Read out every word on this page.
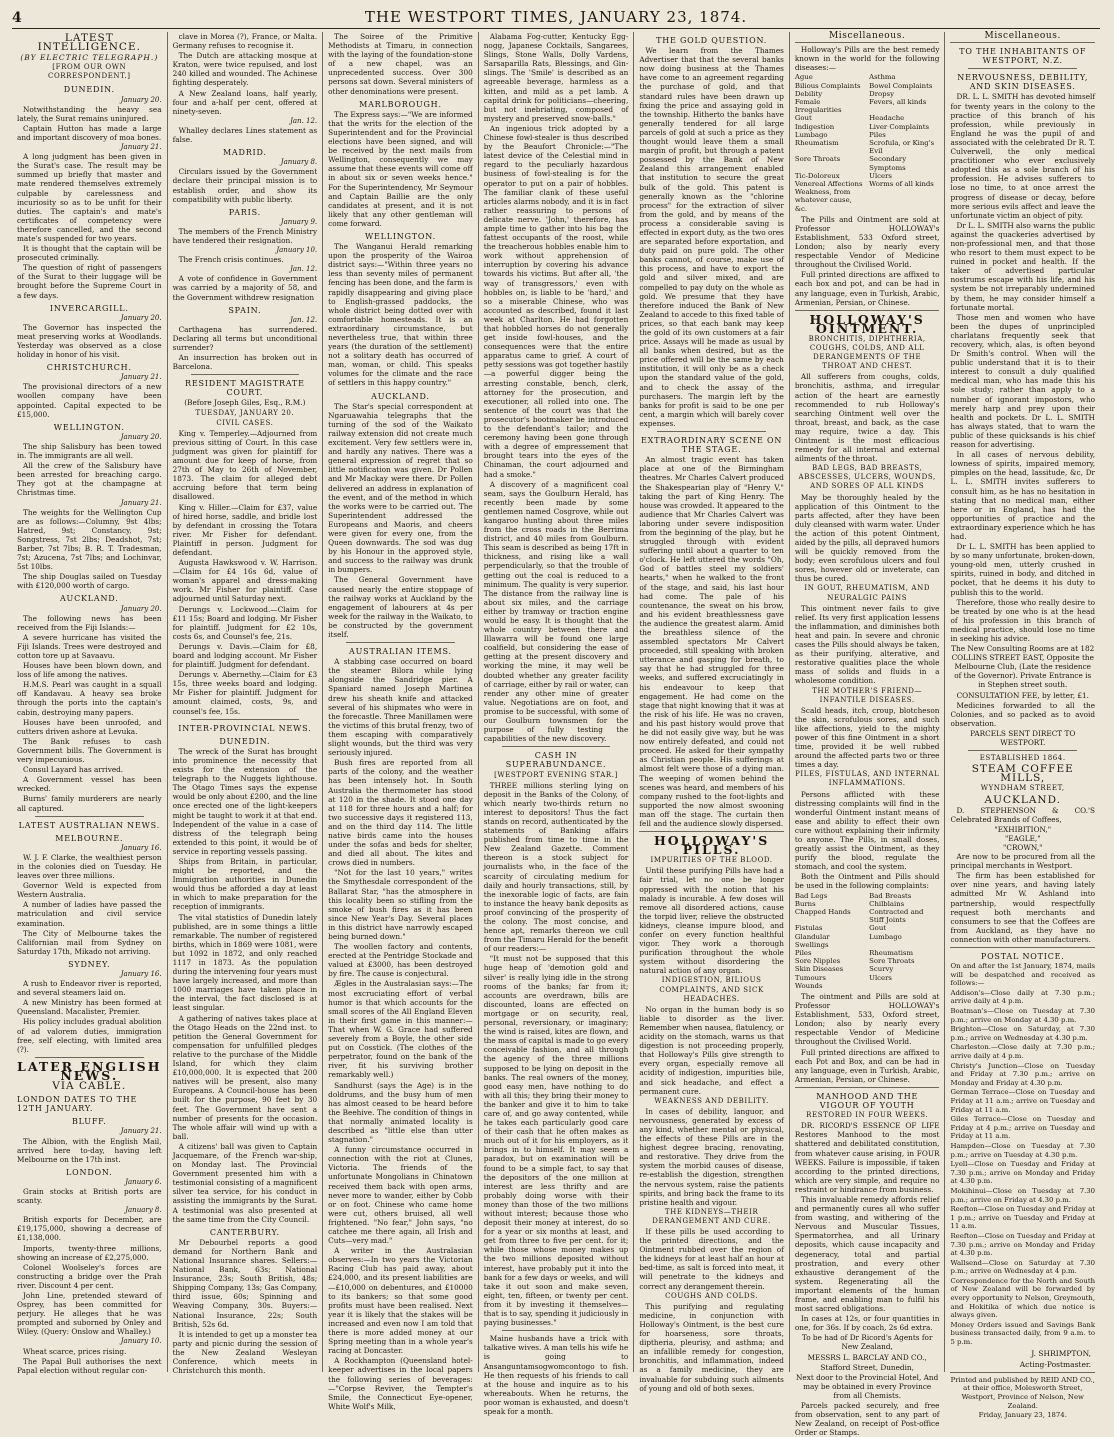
4	THE WESTPORT TIMES, JANUARY 23, 1874.
LATEST INTELLIGENCE.
(BY ELECTRIC TELEGRAPH.)
[FROM OUR OWN CORRESPONDENT.]
DUNEDIN.
January 20.

Notwithstanding the heavy sea lately, the Surat remains uninjured.

Captain Hutton has made a large and important discovery of moa bones.

January 21.

A long judgment has been given in the Surat's case. The result may be summed up briefly that master and mate rendered themselves extremely culpable by carelessness and incuriosity so as to be unfit for their duties. The captain's and mate's certificates of competency were therefore cancelled, and the second mate's suspended for two years.

It is thought that the captain will be prosecuted criminally.

The question of right of passengers of the Surat to their luggage will be brought before the Supreme Court in a few days.

INVERCARGILL.
January 20.

The Governor has inspected the meat preserving works at Woodlands. Yesterday was observed as a close holiday in honor of his visit.

CHRISTCHURCH.
January 21.

The provisional directors of a new woollen company have been appointed. Capital expected to be £15,000.

WELLINGTON.
January 20.

The ship Salisbury has been towed in. The immigrants are all well.

All the crew of the Salisbury have been arrested for breaching cargo. They got at the champagne at Christmas time.

January 21.

The weights for the Wellington Cup are as follows:—Columny, 9st 4lbs; Hatred, 9st; Constancy, 9st; Songstress, 7st 2lbs; Deadshot, 7st; Barber, 7st 7lbs; B. R. T. Tradesman, 7st; Azucena, 7st 7lbs; and Lochinvar, 5st 10lbs.

The ship Douglas sailed on Tuesday with £120,000 worth of cargo.

AUCKLAND.
January 20.

The following news has been received from the Fiji Islands:—

A severe hurricane has visited the Fiji Islands. Trees were destroyed and cotton tore up at Savaavu.

Houses have been blown down, and loss of life among the natives.

H.M.S. Pearl was caught in a squall off Kandavau. A heavy sea broke through the ports into the captain's cabin, destroying many papers.

Houses have been unroofed, and cutters driven ashore at Levuka.

The Bank refuses to cash Government bills. The Government is very impecunious.

Consul Layard has arrived.

A Government vessel has been wrecked.

Burns' family murderers are nearly all captured.

LATEST AUSTRALIAN NEWS.
MELBOURNE.
January 16.

W. J. F. Clarke, the wealthiest person in the colonies died on Tuesday. He leaves over three millions.

Governor Weld is expected from Western Australia.

A number of ladies have passed the matriculation and civil service examination.

The City of Melbourne takes the Californian mail from Sydney on Saturday 17th, Mikado not arriving.

SYDNEY.
January 16.

A rush to Endeavor river is reported, and several steamers laid on.

A new Ministry has been formed at Queensland. Macalister, Premier.

His policy includes gradual abolition of ad valorem duties, immigration free, self electing, with limited area (?).

LATER ENGLISH NEWS.
VIA CABLE.
LONDON DATES TO THE 12TH JANUARY.
BLUFF.
January 21.

The Albion, with the English Mail, arrived here to-day, having left Melbourne on the 17th inst.

LONDON.
January 6.

Grain stocks at British ports are scanty.

January 8.

British exports for December, are £19,175,000, showing a decrease of £1,138,000.

Imports, twenty-three millions, showing an increase of £2,275,000.

Colonel Woolseley's forces are constructing a bridge over the Prah river. Discount 4 per cent.

John Line, pretended steward of Osprey, has been committed for perjury. He alleges that he was prompted and suborned by Onley and Wiley. (Query: Onslow and Whalley.)

January 10.

Wheat scarce, prices rising.

The Papal Bull authorises the next Papal election without regular con-

clave in Morea (?), France, or Malta. Germany refuses to recognise it.

The Dutch are attacking mosque at Kraton, were twice repulsed, and lost 240 killed and wounded. The Achinese fighting desperately.

A New Zealand loans, half yearly, four and a-half per cent, offered at ninety-seven.

Jan. 12.

Whalley declares Lines statement as false.

MADRID.
January 8.

Circulars issued by the Government declare their principal mission is to establish order, and show its compatibility with public liberty.

PARIS.
January 9.

The members of the French Ministry have tendered their resignation.

January 10.

The French crisis continues.

Jan. 12.

A vote of confidence in Government was carried by a majority of 58, and the Government withdrew resignation

SPAIN.
Jan. 12.

Carthagena has surrendered. Declaring all terms but unconditional surrender?

An insurrection has broken out in Barcelona.

RESIDENT MAGISTRATE COURT.
(Before Joseph Giles, Esq., R.M.)
TUESDAY, JANUARY 20.
CIVIL CASES.

King v. Temperley.—Adjourned from previous sitting of Court. In this case judgment was given for plaintiff for amount due for keep of horse, from 27th of May to 26th of November, 1873. The claim for alleged debt accruing before that term being disallowed.

King v. Hiller.—Claim for £37, value of hired horse, saddle, and bridle lost by defendant in crossing the Totara river. Mr Fisher for defendant. Plaintiff in person. Judgment for defendant.

Augusta Hawkswood v. W. Harrison.—Claim for £4 16s 6d, value of woman's apparel and dress-making work. Mr Fisher for plaintiff. Case adjourned until Saturday next.

Derungs v. Lockwood.—Claim for £11 15s; Board and lodging. Mr Fisher for plaintiff. Judgment for £2 10s, costs 6s, and Counsel's fee, 21s.

Derungs v. Davis.—Claim for £8, board and lodging account. Mr Fisher for plaintiff. Judgment for defendant.

Derungs v. Abernethy.—Claim for £3 15s, three weeks board and lodging. Mr Fisher for plaintiff. Judgment for amount claimed, costs, 9s, and counsel's fee, 15s.

INTER-PROVINCIAL NEWS.
DUNEDIN.

The wreck of the Surat has brought into prominence the necessity that exists for the extension of the telegraph to the Nuggets lighthouse. The Otago Times says the expense would be only about £200, and the line once erected one of the light-keepers might be taught to work it at that end. Independent of the value in a case of distress of the telegraph being extended to this point, it would be of service in reporting vessels passing.

Ships from Britain, in particular, might be reported, and the Immigration authorities in Dunedin would thus be afforded a day at least in which to make preparation for the reception of immigrants.

The vital statistics of Dunedin lately published, are in some things a little remarkable. The number of registered births, which in 1869 were 1081, were but 1092 in 1872, and only reached 1117 in 1873. As the population during the intervening four years must have largely increased, and more than 1000 marriages have taken place in the interval, the fact disclosed is at least singular.

A gathering of natives takes place at the Otago Heads on the 22nd inst. to petition the General Government for compensation for unfulfilled pledges relative to the purchase of the Middle Island, for which they claim £10,000,000. It is expected that 200 natives will be present, also many Europeans. A Council-house has been built for the purpose, 90 feet by 30 feet. The Government have sent a number of presents for the occasion. The whole affair will wind up with a ball.

A citizens' ball was given to Captain Jacquemare, of the French war-ship, on Monday last. The Provincial Government presented him with a testimonial consisting of a magnificent silver tea service, for his conduct in assisting the immigrants by the Surat. A testimonial was also presented at the same time from the City Council.

CANTERBURY.

Mr Debourbel reports a good demand for Northern Bank and National Insurance shares. Sellers:—National Bank, 63s; National Insurance, 23s; South British, 48s; Shipping Company, 13s; Gas Company, third issue, 60s; Spinning and Weaving Company, 30s. Buyers:—National Insurance, 22s; South British, 52s 6d.

It is intended to get up a monster tea party and picnic during the session of the New Zealand Wesleyan Conference, which meets in Christchurch this month.

The Soiree of the Primitive Methodists at Timaru, in connection with the laying of the foundation-stone of a new chapel, was an unprecedented success. Over 300 persons sat down. Several ministers of other denominations were present.

MARLBOROUGH.

The Express says:—"We are informed that the writs for the election of the Superintendent and for the Provincial elections have been signed, and will be received by the next mails from Wellington, consequently we may assume that these events will come off in about six or seven weeks hence." For the Superintendency, Mr Seymour and Captain Baillie are the only candidates at present, and it is not likely that any other gentleman will come forward.

WELLINGTON.

The Wanganui Herald remarking upon the prosperity of the Wairoa district says:—"Within three years no less than seventy miles of permanent fencing has been done, and the farm is rapidly disappearing and giving place to English-grassed paddocks, the whole district being dotted over with comfortable homesteads. It is an extraordinary circumstance, but nevertheless true, that within three years (the duration of the settlement) not a solitary death has occurred of man, woman, or child. This speaks volumes for the climate and the race of settlers in this happy country."

AUCKLAND.

The Star's special correspondent at Ngaruawahia telegraphs that the turning of the sod of the Waikato railway extension did not create much excitement. Very few settlers were in, and hardly any natives. There was a general expression of regret that so little notification was given. Dr Pollen and Mr Mackay were there. Dr Pollen delivered an address in explanation of the event, and of the method in which the works were to be carried out. The Superintendent addressed the Europeans and Maoris, and cheers were given for every one, from the Queen downwards. The sod was dug by his Honour in the approved style, and success to the railway was drunk in bumpers.

The General Government have caused nearly the entire stoppage of the railway works at Auckland by the engagement of labourers at 4s per week for the railway in the Waikato, to be constructed by the government itself.

AUSTRALIAN ITEMS.

A stabbing case occurred on board the steamer Bilora while lying alongside the Sandridge pier. A Spaniard named Joseph Martinea drew his sheath knife and attacked several of his shipmates who were in the forecastle. Three Manillamen were the victims of this brutal frenzy, two of them escaping with comparatively slight wounds, but the third was very seriously injured.

Bush fires are reported from all parts of the colony, and the weather has been intensely hot. In South Australia the thermometer has stood at 120 in the shade. It stood one day at 118 for three hours and a half; for two successive days it registered 113, and on the third day 114. The little native birds came into the houses under the sofas and beds for shelter, and died all about. The kites and crows died in numbers.

"Not for the last 10 years," writes the Smythesdale correspondent of the Ballarat Star, "has the atmosphere in this locality been so stifling from the smoke of bush fires as it has been since New Year's Day. Several places in this district have narrowly escaped being burned down."

The woollen factory and contents, erected at the Pentridge Stockade and valued at £3000, has been destroyed by fire. The cause is conjectural.

Ægles in the Australasian says:—The most excruciating effort of verbal humor is that which accounts for the small scores of the All England Eleven in their first game in this manner:—That when W. G. Grace had suffered severely from a Boyle, the other side put on Cosstick. (The clothes of the perpetrator, found on the bank of the river, fit his surviving brother remarkably well.)

Sandhurst (says the Age) is in the doldrums, and the busy hum of men has almost ceased to be heard before the Beehive. The condition of things in that normally animated locality is described as "little else than utter stagnation."

A funny circumstance occurred in connection with the riot at Clunes, Victoria. The friends of the unfortunate Mongolians in Chinatown received them back with open arms, never more to wander, either by Cobb or on foot. Chinese who came home were cut, others bruised, all well frightened. "No fear," John says, "no catchee me there again, all Irish and Cuts—very mad."

A writer in the Australasian observes:—In two years the Victorian Racing Club has paid away, about £24,000, and its present liabilities are—£10,000 on debentures, and £10000 to its bankers; so that some good profits must have been realised. Next year it is likely that the stakes will be increased and even now I am told that there is more added money at our Spring meeting than in a whole year's racing at Doncaster.

A Rockhampton (Queensland hotel-keeper advertises in the local papers the following series of beverages:—"Corpse Reviver, the Tempter's Smile, the Connecticut Eye-opener, White Wolf's Milk,

Alabama Fog-cutter, Kentucky Egg-nogg, Japanese Cocktails, Sangarees, Slings, Stone Walls, Dolly Vardens, Sarsaparilla Rats, Blessings, and Gin-slings. The 'Smile' is described as an agreeable beverage, harmless as a kitten, and mild as a pet lamb. A capital drink for politicians—cheering, but not inebriating, composed of mystery and preserved snow-balls."

An ingenious trick adopted by a Chinese fowl-stealer is thus described by the Beaufort Chronicle:—"The latest device of the Celestial mind in regard to the peculiarly hazardous business of fowl-stealing is for the operator to put on a pair of hobbles. The familiar clank of these useful articles alarms nobody, and it is in fact rather reassuring to persons of delicate nerve. 'John,' therefore, has ample time to gather into his bag the fattest occupants of the roost, while the treacherous hobbles enable him to work without apprehension of interruption by covering his advance towards his victims. But after all, 'the way of transgressors,' even with hobbles on, is liable to be 'hard,' and so a miserable Chinese, who was accounted as described, found it last week at Charlton. He had forgotten that hobbled horses do not generally get inside fowl-houses, and the consequences were that the entire apparatus came to grief. A court of petty sessions was got together hastily—a powerful digger being the arresting constable, bench, clerk, attorney for the prosecution, and executioner, all rolled into one. The sentence of the court was that the prosecutor's bootmaker be introduced to the defendant's tailor; and the ceremony having been gone through with a degree of empressement that brought tears into the eyes of the Chinaman, the court adjourned and had a smoke."

A discovery of a magnificent coal seam, says the Goulburn Herald, has recently been made by some gentlemen named Cosgrove, while out kangaroo hunting about three miles from the cross roads in the Berrima district, and 40 miles from Goulburn. This seam is described as being 17ft in thickness, and rising like a wall perpendicularly, so that the trouble of getting out the coal is reduced to a minimum. The quality is very superior. The distance from the railway line is about six miles, and the carriage either by tramway or traction engine would be easy. It is thought that the whole country between there and Illawarra will be found one large coalfield, but considering the ease of getting at the present discovery and working the mine, it may well be doubted whether any greater facility of carriage, either by rail or water, can render any other mine of greater value. Negotiations are on foot, and promise to be successful, with some of our Goulburn townsmen for the purpose of fully testing the capabilities of the new discovery.

CASH IN SUPERABUNDANCE.
[WESTPORT EVENING STAR.]

THREE millions sterling lying on deposit in the Banks of the Colony, of which nearly two-thirds return no interest to depositors! Thus the fact stands on record, authenticated by the statements of Banking affairs published from time to time in the New Zealand Gazette. Comment thereon is a stock subject for journalists who, in the face of the scarcity of circulating medium for daily and hourly transactions, still, by the inexorable logic of facts, are fain to instance the heavy bank deposits as proof convincing of the prosperity of the colony. The most concise, and hence apt, remarks thereon we cull from the Timaru Herald for the benefit of our readers:—

"It must not be supposed that this huge heap of 'demotion gold and silver' is really lying idle in the strong rooms of the banks; far from it; accounts are overdrawn, bills are discounted, loans are effected on mortgage or on security, real, personal, reversionary, or imaginary; the wind is raised, kites are flown, and the mass of capital is made to go every conceivable fashion, and all through the agency of the three millions supposed to be lying on deposit in the banks. The real owners of the money, good easy men, have nothing to do with all this; they bring their money to the banker and give it to him to take care of, and go away contented, while he takes each particularly good care of their cash that he often makes as much out of it for his employers, as it brings in to himself. It may seem a paradox, but on examination will be found to be a simple fact, to say that the depositors of the one million at interest are less thrifty and are probably doing worse with their money than those of the two millions without interest; because those who deposit their money at interest, do so for a year or six months at least, and get from three to five per cent. for it; while those whose money makes up the two millions deposited without interest, have probably put it into the bank for a few days or weeks, and will take it out soon and make seven, eight, ten, fifteen, or twenty per cent. from it by investing it themselves—that is to say, spending it judiciously in paying businesses."

Maine husbands have a trick with talkative wives. A man tells his wife he is going to Ansanguntamsogwomcontogo to fish. He then requests of his friends to call at the house and inquire as to his whereabouts. When he returns, the poor woman is exhausted, and doesn't speak for a month.

THE GOLD QUESTION.

We learn from the Thames Advertiser that that the several banks now doing business at the Thames have come to an agreement regarding the purchase of gold, and that standard rules have been drawn up fixing the price and assaying gold in the township. Hitherto the banks have generally tendered for all large parcels of gold at such a price as they thought would leave them a small margin of profit, but through a patent possessed by the Bank of New Zealand this arrangement enabled that institution to secure the great bulk of the gold. This patent is generally known as the "chlorine process" for the extraction of silver from the gold, and by means of the process a considerable saving is effected in export duty, as the two ores are separated before exportation, and duty paid on pure gold. The other banks cannot, of course, make use of this process, and have to export the gold and silver mixed, and are compelled to pay duty on the whole as gold. We presume that they have therefore induced the Bank of New Zealand to accede to this fixed table of prices, so that each bank may keep the gold of its own customers at a fair price. Assays will be made as usual by all banks when desired, but as the price offered will be the same by each institution, it will only be as a check upon the standard value of the gold, and to check the assay of the purchasers. The margin left by the banks for profit is said to be one per cent, a margin which will barely cover expenses.

EXTRAORDINARY SCENE ON THE STAGE.

An almost tragic event has taken place at one of the Birmingham theatres. Mr Charles Calvert produced the Shakespearian play of "Henry V," taking the part of King Henry. The house was crowded. It appeared to the audience that Mr Charles Calvert was laboring under severe indisposition from the beginning of the play, but he struggled through with evident suffering until about a quarter to ten o'clock. He left uttered the words "Oh, God of battles steel my soldiers' hearts," when he walked to the front of the stage, and said, his last hour had come. The pale of his countenance, the sweat on his brow, and his evident breathlessness gave the audience the greatest alarm. Amid the breathless silence of the assembled spectators Mr Calvert proceeded, still speaking with broken utterance and gasping for breath, to say that he had struggled for three weeks, and suffered excruciatingly in his endeavour to keep that engagement. He had come on the stage that night knowing that it was at the risk of his life. He was no craven, and his past history would prove that he did not easily give way, but he was now entirely defeated, and could not proceed. He asked for their sympathy as Christian people. His sufferings at almost felt were those of a dying man. The weeping of women behind the scenes was heard, and members of his company rushed to the foot-lights and supported the now almost swooning man off the stage. The curtain then fell and the audience slowly dispersed.

HOLLOWAY'S PILLS.
IMPURITIES OF THE BLOOD.

Until these purifying Pills have had a fair trial, let no one be longer oppressed with the notion that his malady is incurable. A few doses will remove all disordered actions, cause the torpid liver, relieve the obstructed kidneys, cleanse impure blood, and confer on every function healthful vigor. They work a thorough purification throughout the whole system without disordering the natural action of any organ.

INDIGESTION, BILIOUS COMPLAINTS, AND SICK HEADACHES.

No organ in the human body is so liable to disorder as the liver. Remember when nausea, flatulency, or acidity on the stomach, warns us that digestion is not proceeding properly, that Holloway's Pills give strength to every organ, especially remove all acidity of indigestion, impurities bile, and sick headache, and effect a permanent cure.

WEAKNESS AND DEBILITY.

In cases of debility, languor, and nervousness, generated by excess of any kind, whether mental or physical, the effects of these Pills are in the highest degree bracing, renovating, and restorative. They drive from the system the morbid causes of disease, re-establish the digestion, strengthen the nervous system, raise the patients spirits, and bring back the frame to its pristine health and vigour.

THE KIDNEYS—THEIR DERANGEMENT AND CURE.

If these pills be used according to the printed directions, and the Ointment rubbed over the region of the kidneys for at least half an hour at bed-time, as salt is forced into meat, it will penetrate to the kidneys and correct any derangement therein.

COUGHS AND COLDS.

This purifying and regulating medicine, in conjunction with Holloway's Ointment, is the best cure for hoarseness, sore throats, diptheria, pleurisy, and asthma; and an infallible remedy for congestion, bronchitis, and inflammation, indeed as a family medicine, they are invaluable for subduing such ailments of young and old of both sexes.

Miscellaneous.

Holloway's Pills are the best remedy known in the world for the following diseases:—

Ague	Asthma
Bilious Complaints	Bowel Complaints
Debility	Dropsy
Female Irregularities
Fevers, all kinds
Gout	Headache
Indigestion	Liver Complaints
Lumbago	Piles
Rheumatism	Scrofula, or King's Evil
Sore Throats	Secondary Symptoms
Tic-Doloreux	Ulcers
Venereal Affections Worms of all kinds
Weakness, from whatever cause, &c.

The Pills and Ointment are sold at Professor HOLLOWAY's Establishment, 533 Oxford street, London; also by nearly every respectable Vendor of Medicine throughout the Civilised World.

Full printed directions are affixed to each box and pot, and can be had in any language, even in Turkish, Arabic, Armenian, Persian, or Chinese.

HOLLOWAY'S OINTMENT.
BRONCHITIS, DIPHTHERIA, COUGHS, COLDS, AND ALL DERANGEMENTS OF THE THROAT AND CHEST.

All sufferers from coughs, colds, bronchitis, asthma, and irregular action of the heart are earnestly recommended to rub Holloway's searching Ointment well over the throat, breast, and back, as the case may require, twice a day. This Ointment is the most efficacious remedy for all internal and external ailments of the throat.

BAD LEGS, BAD BREASTS, ABSCESSES, ULCERS, WOUNDS, AND SORES OF ALL KINDS

May be thoroughly healed by the application of this Ointment to the parts affected, after they have been duly cleansed with warm water. Under the action of this potent Ointment, aided by the pills, all depraved humors will be quickly removed from the body; even scrofulous ulcers and foul sores, however old or inveterate, can thus be cured.

IN GOUT, RHEUMATISM, AND NEURALGIC PAINS

This ointment never fails to give relief. Its very first application lessens the inflammation, and diminishes both heat and pain. In severe and chronic cases the Pills should always be taken, as their purifying, alterative, and restorative qualities place the whole mass of solids and fluids in a wholesome condition.

THE MOTHER'S FRIEND—INFANTILE DISEASES.

Scald heads, itch, croup, blotcheson the skin, scrofulous sores, and such like affections, yield to the mighty power of this fine Ointment in a short time, provided it be well rubbed around the affected parts two or three times a day.

PILES, FISTULAS, AND INTERNAL INFLAMMATIONS.

Persons afflicted with these distressing complaints will find in the wonderful Ointment instant means of ease and ability to effect their own cure without explaining their infirmity to anyone. The Pills, in small doses, greatly assist the Ointment, as they purify the blood, regulate the stomach, and cool the system.

Both the Ointment and Pills should be used in the following complaints:

Bad Legs	Bad Breasts
Burns	Chilblains
Chapped Hands	Contracted and Stiff Joints
Fistulas	Gout
Glandular Swellings
Lumbago
Piles	Rheumatism
Sore Nipples	Sore Throats
Skin Diseases	Scurvy
Tumours	Ulcers
Wounds

The ointment and Pills are sold at Professor HOLLOWAY's Establishment, 533, Oxford street, London; also by nearly every respectable Vendor of Medicine throughout the Civilised World.

Full printed directions are affixed to each Pot and Box, and can be had in any language, even in Turkish, Arabic, Armenian, Persian, or Chinese.

MANHOOD AND THE VIGOUR OF YOUTH
RESTORED IN FOUR WEEKS.

DR. RICORD'S ESSENCE OF LIFE Restores Manhood to the most shattered and debilitated constitution, from whatever cause arising, in FOUR WEEKS. Failure is impossible, if taken according to the printed directions, which are very simple, and require no restraint or hindrance from business.

This invaluable remedy affords relief and permanently cures all who suffer from wasting, and withering of the Nervous and Muscular Tissues, Spermatorrhea, and all Urinary deposits, which cause incapacity and degeneracy, total and partial prostration, and every other exhaustive derangement of the system. Regenerating all the important elements of the human frame, and enabling man to fulfil his most sacred obligations.

In cases at 12s, or four quantities in one, for 36s. If by coach, 2s 6d extra.

To be had of Dr Ricord's Agents for New Zealand,

MESSRS L. BARCLAY AND CO.,

Stafford Street, Dunedin,

Next door to the Provincial Hotel, And may be obtained in every Province from all Chemists.

Parcels packed securely, and free from observation, sent to any part of New Zealand, on receipt of Post-office Order or Stamps.

Miscellaneous.
TO THE INHABITANTS OF WESTPORT, N.Z.
NERVOUSNESS, DEBILITY, AND SKIN DISEASES.

DR. L. L. SMITH has devoted himself for twenty years in the colony to the practice of this branch of his profession, while previously in England he was the pupil of and associated with the celebrated Dr R. T. Culverwell, the only medical practitioner who ever exclusively adopted this as a sole branch of his profession. He advises sufferers to lose no time, to at once arrest the progress of disease or decay, before more serious evils affect and leave the unfortunate victim an object of pity.

Dr L. L. SMITH also warns the public against the quackeries advertised by non-professional men, and that those who resort to them must expect to be ruined in pocket and health. If the taker of advertised particular nostrums escape with his life, and his system be not irreparably undermined by them, he may consider himself a fortunate mortal.

Those men and women who have been the dupes of unprincipled charlatans frequently seek that recovery, which, alas, is often beyond Dr Smith's control. When will the public understand that it is to their interest to consult a duly qualified medical man, who has made this his sole study; rather than apply to a number of ignorant impostors, who merely harp and prey upon their health and pockets. Dr L. L. SMITH has always stated, that to warn the public of these quicksands is his chief reason for advertising.

In all cases of nervous debility, lowness of spirits, impaired memory, pimples on the head, lassitude, &c, Dr L. L. SMITH invites sufferers to consult him, as he has no hesitation in stating that no medical man, either here or in England, has had the opportunities of practice and the extraordinary experience which he has had.

Dr L. L. SMITH has been applied to by so many unfortunate, broken-down, young-old men, utterly crushed in spirits, ruined in body, and ditched in pocket, that he deems it his duty to publish this to the world.

Therefore, those who really desire to be treated by one who is at the head of his profession in this branch of medical practice, should lose no time in seeking his advice.

The New Consulting Rooms are at 182 COLLINS STREET EAST, Opposite the Melbourne Club, (Late the residence of the Governor). Private Entrance is in Stephen street south.

CONSULTATION FEE, by letter, £1.

Medicines forwarded to all the Colonies, and so packed as to avoid observation.

PARCELS SENT DIRECT TO WESTPORT.

ESTABLISHED 1864.
STEAM COFFEE MILLS,
WYNDHAM STREET,
AUCKLAND.

D. STEPHENSON & CO.'S Celebrated Brands of Coffees,

"EXHIBITION,"
"EAGLE,"
"CROWN,"

Are now to be procured from all the principal merchants in Westport.

The firm has been established for over nine years, and having lately admitted Mr W. Ashland into partnership, would respectfully request both merchants and consumers to see that the Coffees are from Auckland, as they have no connection with other manufacturers.

POSTAL NOTICE.

On and after the 1st January, 1874, mails will be despatched and received as follows:—

Addison's—Close daily at 7.30 p.m.; arrive daily at 4 p.m.

Boatman's—Close on Tuesday at 7.30 p.m.; arrive on Monday at 4.30 p.m.

Brighton—Close on Saturday, at 7.30 p.m.; arrive on Wednesday at 4.30 p.m.

Charleston.—Close daily at 7.30 p.m.; arrive daily at 4 p.m.

Christy's Junction—Close on Tuesday and Friday at 7.30 p.m.; arrive on Monday and Friday at 4.30 p.m.

German Terrace—Close on Tuesday and Friday at 11 a.m.; arrive on Tuesday and Friday at 11 a.m.

Giles Terrace—Close on Tuesday and Friday at 4 p.m.; arrive on Tuesday and Friday at 11 a.m.

Hampden—Close on Tuesday at 7.30 p.m.; arrive on Tuesday at 4.30 p.m.

Lyell—Close on Tuesday and Friday at 7.30 p.m.; arrive on Monday and Friday at 4.30 p.m.

Mokihinui—Close on Tuesday at 7.30 p.m.; arrive on Friday at 4.30 p.m.

Reefton—Close on Tuesday and Friday at 1 p.m.; arrive on Tuesday and Friday at 11 a.m.

Reefton—Close on Tuesday and Friday at 7.30 p.m.; arrive on Monday and Friday at 4.30 p.m.

Wallsend—Close on Saturday at 7.30 p.m.; arrive on Wednesday at 4 p.m.

Correspondence for the North and South of New Zealand will be forwarded by every opportunity to Nelson, Greymouth, and Hokitika of which due notice is always given.

Money Orders issued and Savings Bank business transacted daily, from 9 a.m. to 5 p.m.

J. SHRIMPTON,
Acting-Postmaster.

Printed and published by REID AND CO., at their office, Molesworth Street, Westport, Province of Nelson, New Zealand.

Friday, January 23, 1874.
